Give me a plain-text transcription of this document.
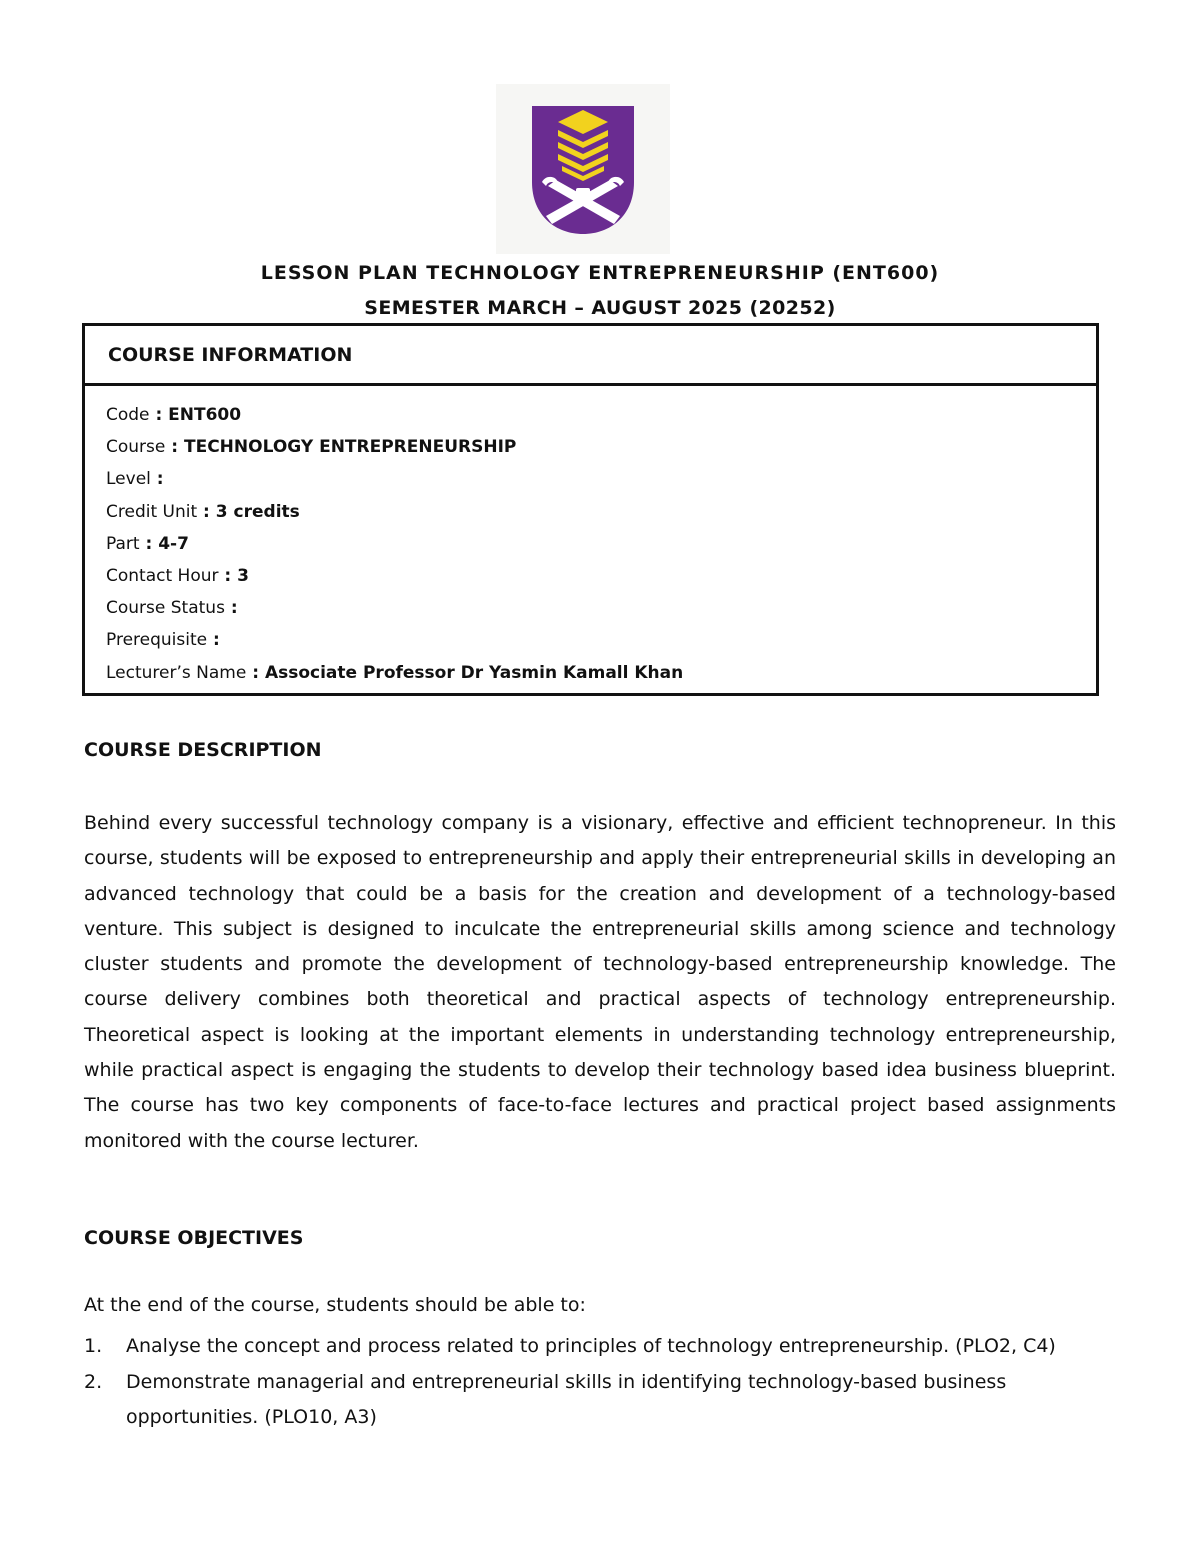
LESSON PLAN TECHNOLOGY ENTREPRENEURSHIP (ENT600)
SEMESTER MARCH – AUGUST 2025 (20252)
COURSE INFORMATION
Code : ENT600
Course : TECHNOLOGY ENTREPRENEURSHIP
Level :
Credit Unit : 3 credits
Part : 4-7
Contact Hour : 3
Course Status :
Prerequisite :
Lecturer’s Name : Associate Professor Dr Yasmin Kamall Khan
COURSE DESCRIPTION

Behind every successful technology company is a visionary, effective and efficient technopreneur. In this course, students will be exposed to entrepreneurship and apply their entrepreneurial skills in developing an advanced technology that could be a basis for the creation and development of a technology-based venture. This subject is designed to inculcate the entrepreneurial skills among science and technology cluster students and promote the development of technology-based entrepreneurship knowledge. The course delivery combines both theoretical and practical aspects of technology entrepreneurship. Theoretical aspect is looking at the important elements in understanding technology entrepreneurship, while practical aspect is engaging the students to develop their technology based idea business blueprint. The course has two key components of face-to-face lectures and practical project based assignments monitored with the course lecturer.

COURSE OBJECTIVES
At the end of the course, students should be able to:
1. Analyse the concept and process related to principles of technology entrepreneurship. (PLO2, C4)
2. Demonstrate managerial and entrepreneurial skills in identifying technology-based business opportunities. (PLO10, A3)
